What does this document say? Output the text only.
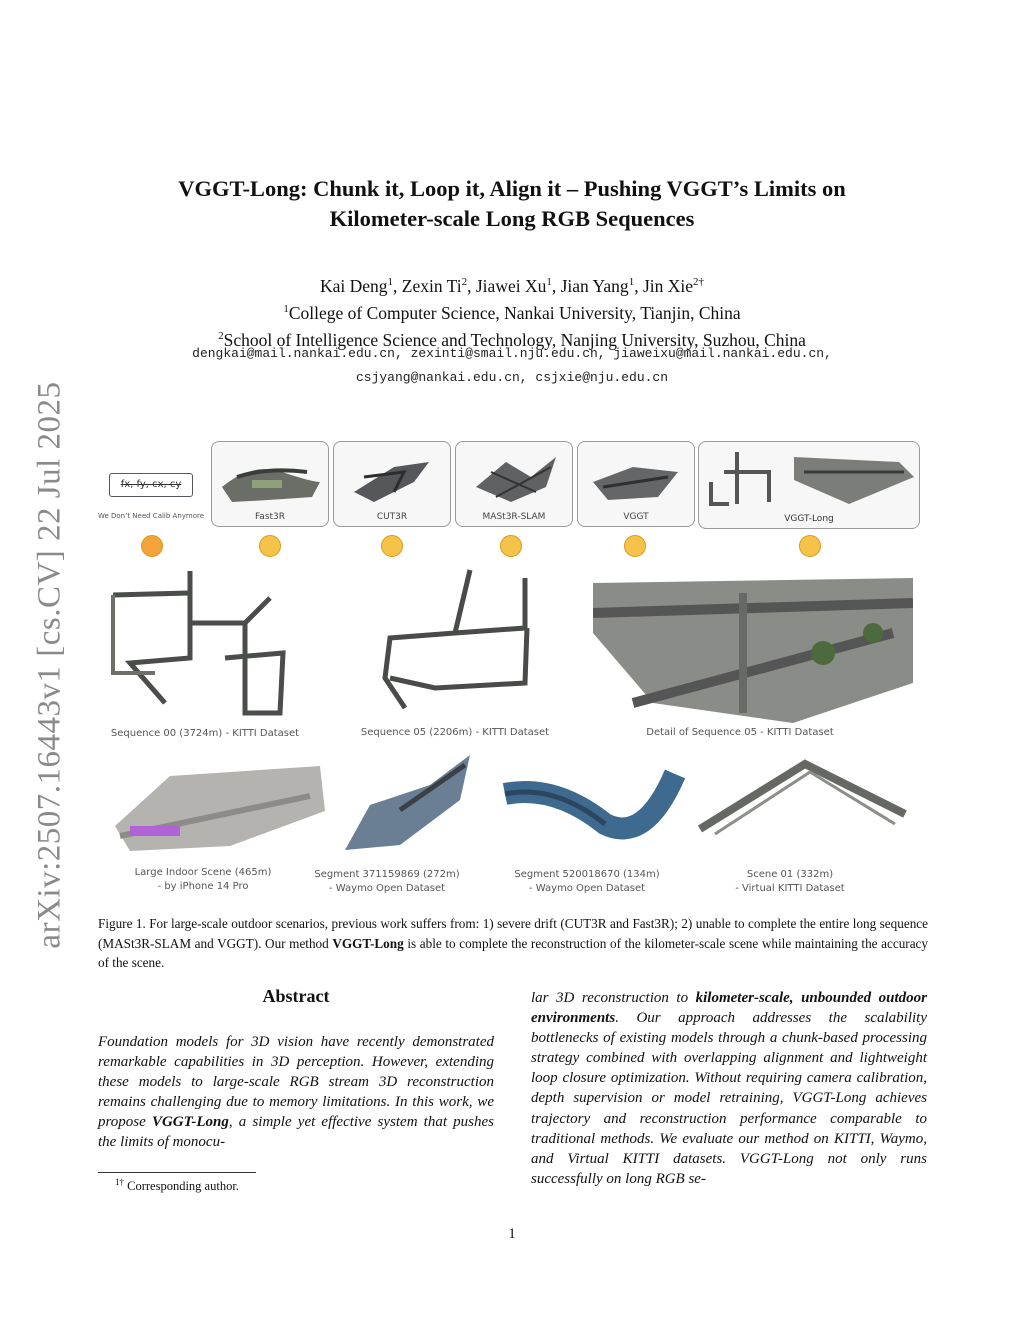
arXiv:2507.16443v1 [cs.CV] 22 Jul 2025
VGGT-Long: Chunk it, Loop it, Align it – Pushing VGGT’s Limits on
Kilometer-scale Long RGB Sequences
Kai Deng$^1$, Zexin Ti$^2$, Jiawei Xu$^1$, Jian Yang$^1$, Jin Xie$^{2\dagger}$
$^1$College of Computer Science, Nankai University, Tianjin, China
$^2$School of Intelligence Science and Technology, Nanjing University, Suzhou, China
dengkai@mail.nankai.edu.cn, zexinti@smail.nju.edu.cn, jiaweixu@mail.nankai.edu.cn,
csjyang@nankai.edu.cn, csjxie@nju.edu.cn
fx, fy, cx, cy
We Don’t Need Calib Anymore	Fast3R	CUT3R	MASt3R-SLAM	VGGT	VGGT-Long
Sequence 00 (3724m) - KITTI Dataset	Sequence 05 (2206m) - KITTI Dataset	Detail of Sequence 05 - KITTI Dataset
Large Indoor Scene (465m)
- by iPhone 14 Pro
Segment 371159869 (272m)
- Waymo Open Dataset
Segment 520018670 (134m)
- Waymo Open Dataset
Scene 01 (332m)
- Virtual KITTI Dataset
Figure 1. For large-scale outdoor scenarios, previous work suffers from: 1) severe drift (CUT3R and Fast3R); 2) unable to complete the entire long sequence (MASt3R-SLAM and VGGT). Our method VGGT-Long is able to complete the reconstruction of the kilometer-scale scene while maintaining the accuracy of the scene.
Abstract
Foundation models for 3D vision have recently demonstrated remarkable capabilities in 3D perception. However, extending these models to large-scale RGB stream 3D reconstruction remains challenging due to memory limitations. In this work, we propose VGGT-Long, a simple yet effective system that pushes the limits of monocu-
lar 3D reconstruction to kilometer-scale, unbounded outdoor environments. Our approach addresses the scalability bottlenecks of existing models through a chunk-based processing strategy combined with overlapping alignment and lightweight loop closure optimization. Without requiring camera calibration, depth supervision or model retraining, VGGT-Long achieves trajectory and reconstruction performance comparable to traditional methods. We evaluate our method on KITTI, Waymo, and Virtual KITTI datasets. VGGT-Long not only runs successfully on long RGB se-
$^{1\dagger}$ Corresponding author.
1
